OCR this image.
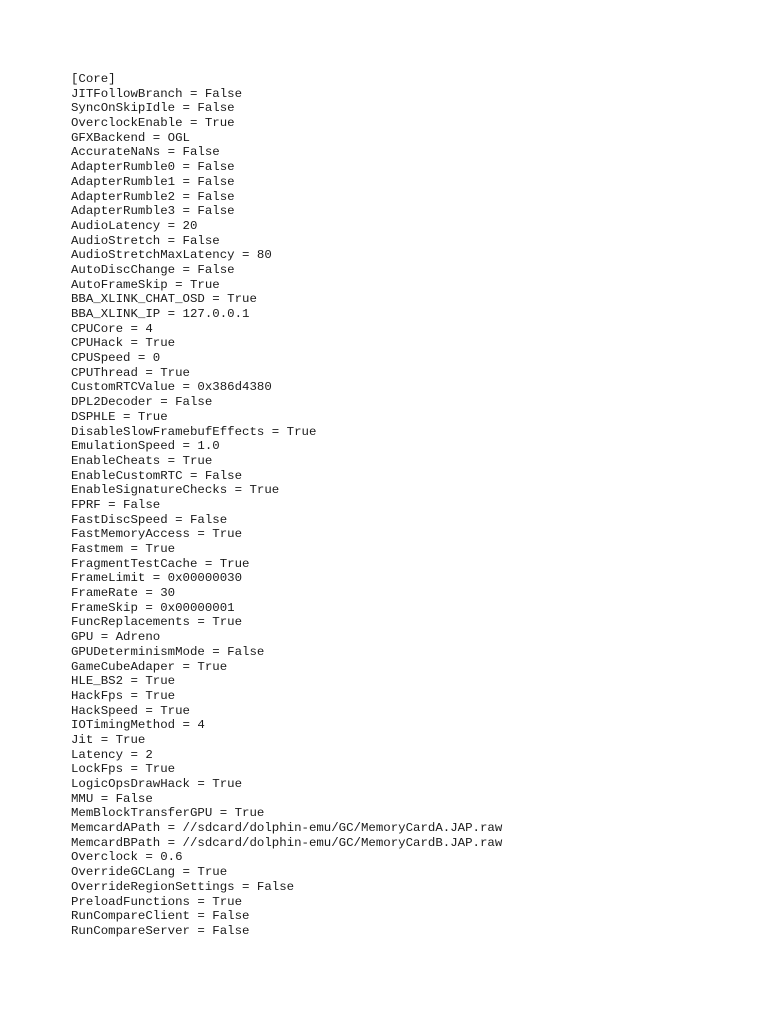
[Core]
JITFollowBranch = False
SyncOnSkipIdle = False
OverclockEnable = True
GFXBackend = OGL
AccurateNaNs = False
AdapterRumble0 = False
AdapterRumble1 = False
AdapterRumble2 = False
AdapterRumble3 = False
AudioLatency = 20
AudioStretch = False
AudioStretchMaxLatency = 80
AutoDiscChange = False
AutoFrameSkip = True
BBA_XLINK_CHAT_OSD = True
BBA_XLINK_IP = 127.0.0.1
CPUCore = 4
CPUHack = True
CPUSpeed = 0
CPUThread = True
CustomRTCValue = 0x386d4380
DPL2Decoder = False
DSPHLE = True
DisableSlowFramebufEffects = True
EmulationSpeed = 1.0
EnableCheats = True
EnableCustomRTC = False
EnableSignatureChecks = True
FPRF = False
FastDiscSpeed = False
FastMemoryAccess = True
Fastmem = True
FragmentTestCache = True
FrameLimit = 0x00000030
FrameRate = 30
FrameSkip = 0x00000001
FuncReplacements = True
GPU = Adreno
GPUDeterminismMode = False
GameCubeAdaper = True
HLE_BS2 = True
HackFps = True
HackSpeed = True
IOTimingMethod = 4
Jit = True
Latency = 2
LockFps = True
LogicOpsDrawHack = True
MMU = False
MemBlockTransferGPU = True
MemcardAPath = //sdcard/dolphin-emu/GC/MemoryCardA.JAP.raw
MemcardBPath = //sdcard/dolphin-emu/GC/MemoryCardB.JAP.raw
Overclock = 0.6
OverrideGCLang = True
OverrideRegionSettings = False
PreloadFunctions = True
RunCompareClient = False
RunCompareServer = False
